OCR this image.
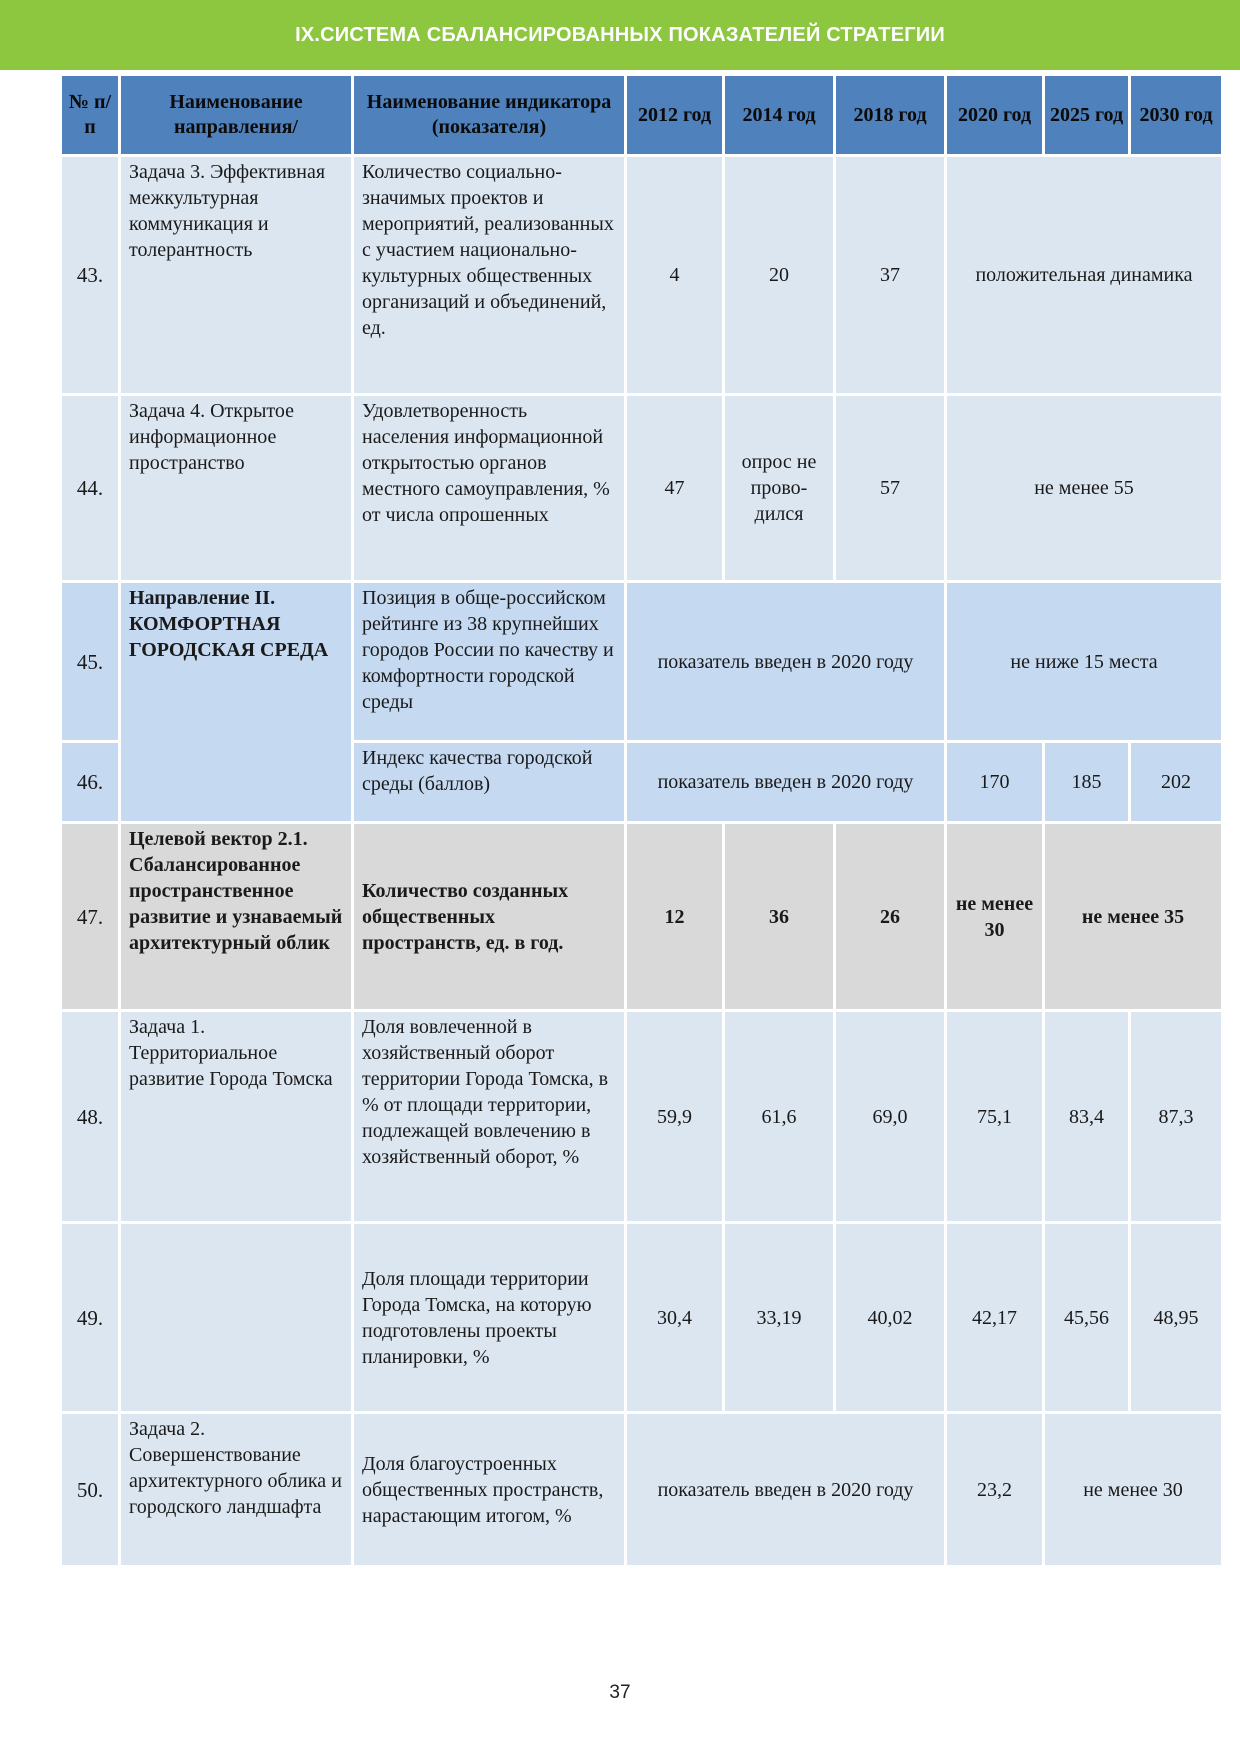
IX.СИСТЕМА СБАЛАНСИРОВАННЫХ ПОКАЗАТЕЛЕЙ СТРАТЕГИИ
№ п/п	Наименование направления/	Наименование индикатора (показателя)	2012 год	2014 год	2018 год	2020 год	2025 год	2030 год
43.	Задача 3. Эффективная межкультурная коммуникация и толерантность	Количество социально-значимых проектов и мероприятий, реализованных с участием национально-культурных общественных организаций и объединений, ед.	4	20	37	положительная динамика		
44.	Задача 4. Открытое информационное пространство	Удовлетворенность населения информационной открытостью органов местного самоуправления, % от числа опрошенных	47	опрос не прово-дился	57	не менее 55		
45.	Направление II. КОМФОРТНАЯ ГОРОДСКАЯ СРЕДА	Позиция в обще-российском рейтинге из 38 крупнейших городов России по качеству и комфортности городской среды	показатель введен в 2020 году			не ниже 15 места		
46.		Индекс качества городской среды (баллов)	показатель введен в 2020 году			170	185	202
47.	Целевой вектор 2.1. Сбалансированное пространственное развитие и узнаваемый архитектурный облик	Количество созданных общественных пространств, ед. в год.	12	36	26	не менее 30	не менее 35	
48.	Задача 1. Территориальное развитие Города Томска	Доля вовлеченной в хозяйственный оборот территории Города Томска, в % от площади территории, подлежащей вовлечению в хозяйственный оборот, %	59,9	61,6	69,0	75,1	83,4	87,3
49.		Доля площади территории Города Томска, на которую подготовлены проекты планировки, %	30,4	33,19	40,02	42,17	45,56	48,95
50.	Задача 2. Совершенствование архитектурного облика и городского ландшафта	Доля благоустроенных общественных пространств, нарастающим итогом, %	показатель введен в 2020 году			23,2	не менее 30	
37
